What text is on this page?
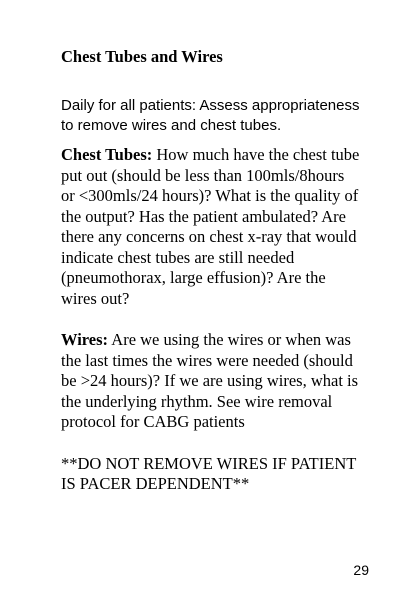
Chest Tubes and Wires

Daily for all patients: Assess appropriateness to remove wires and chest tubes.

Chest Tubes: How much have the chest tube put out (should be less than 100mls/8hours or <300mls/24 hours)? What is the quality of the output? Has the patient ambulated? Are there any concerns on chest x-ray that would indicate chest tubes are still needed (pneumothorax, large effusion)? Are the wires out?

Wires: Are we using the wires or when was the last times the wires were needed (should be >24 hours)? If we are using wires, what is the underlying rhythm. See wire removal protocol for CABG patients

**DO NOT REMOVE WIRES IF PATIENT IS PACER DEPENDENT**

29
